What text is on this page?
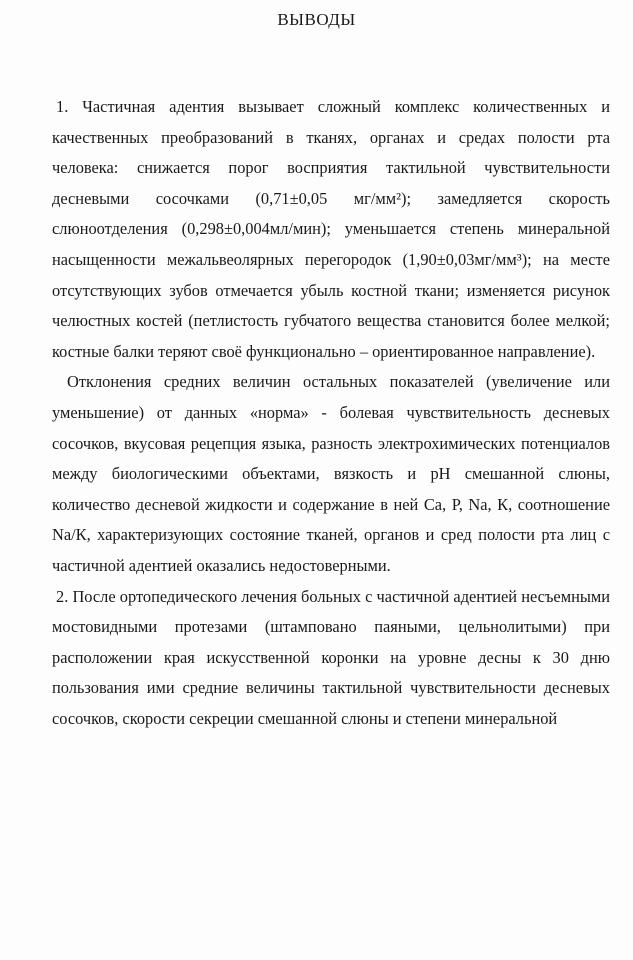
ВЫВОДЫ

1. Частичная адентия вызывает сложный комплекс количественных и качественных преобразований в тканях, органах и средах полости рта человека: снижается порог восприятия тактильной чувствительности десневыми сосочками (0,71±0,05 мг/мм²); замедляется скорость слюноотделения (0,298±0,004мл/мин); уменьшается степень минеральной насыщенности межальвеолярных перегородок (1,90±0,03мг/мм³); на месте отсутствующих зубов отмечается убыль костной ткани; изменяется рисунок челюстных костей (петлистость губчатого вещества становится более мелкой; костные балки теряют своё функционально – ориентированное направление).

Отклонения средних величин остальных показателей (увеличение или уменьшение) от данных «норма» - болевая чувствительность десневых сосочков, вкусовая рецепция языка, разность электрохимических потенциалов между биологическими объектами, вязкость и рН смешанной слюны, количество десневой жидкости и содержание в ней Са, Р, Na, К, соотношение Na/К, характеризующих состояние тканей, органов и сред полости рта лиц с частичной адентией оказались недостоверными.

2. После ортопедического лечения больных с частичной адентией несъемными мостовидными протезами (штамповано паяными, цельнолитыми) при расположении края искусственной коронки на уровне десны к 30 дню пользования ими средние величины тактильной чувствительности десневых сосочков, скорости секреции смешанной слюны и степени минеральной
